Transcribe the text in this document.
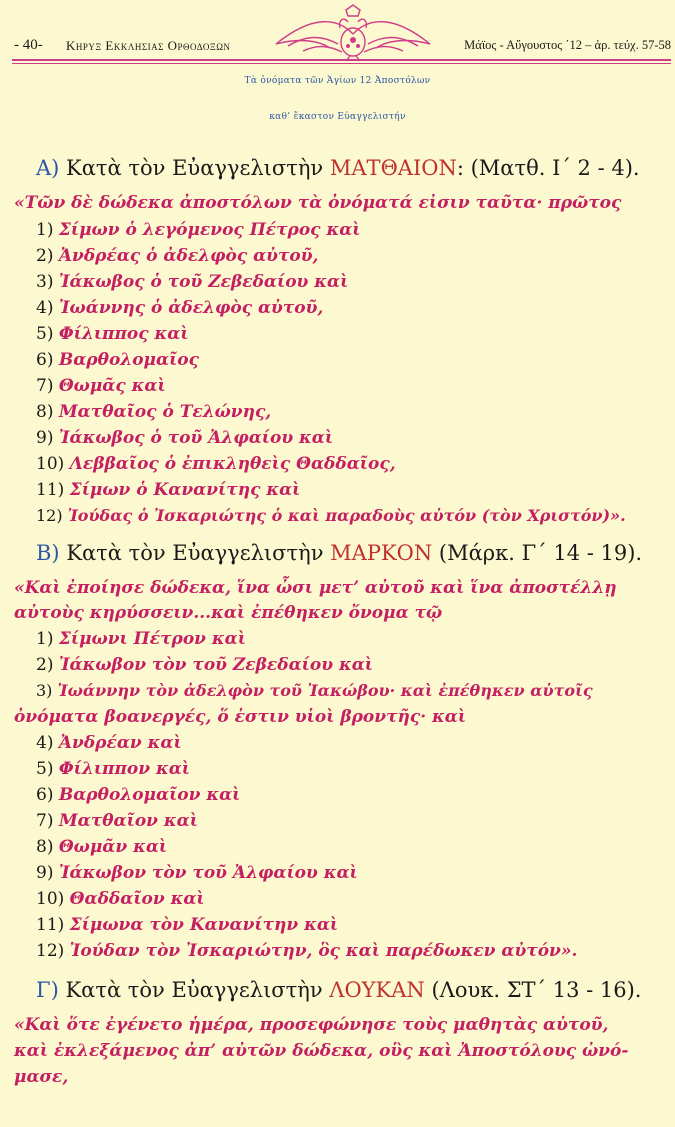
- 40- Κηρυξ Εκκλησιας Ορθοδοξων	Μάϊος - Αὔγουστος ΄12 – ἀρ. τεύχ. 57-58
Τὰ ὀνόματα τῶν Ἁγίων 12 Ἀποστόλων
καθ’ ἕκαστον Εὐαγγελιστήν
Α) Κατὰ τὸν Εὐαγγελιστὴν ΜΑΤΘΑΙΟΝ: (Ματθ. Ι΄ 2 - 4).
«Τῶν δὲ δώδεκα ἀποστόλων τὰ ὀνόματά εἰσιν ταῦτα· πρῶτος
1) Σίμων ὁ λεγόμενος Πέτρος καὶ
2) Ἀνδρέας ὁ ἀδελφὸς αὐτοῦ,
3) Ἰάκωβος ὁ τοῦ Ζεβεδαίου καὶ
4) Ἰωάννης ὁ ἀδελφὸς αὐτοῦ,
5) Φίλιππος καὶ
6) Βαρθολομαῖος
7) Θωμᾶς καὶ
8) Ματθαῖος ὁ Τελώνης,
9) Ἰάκωβος ὁ τοῦ Ἀλφαίου καὶ
10) Λεββαῖος ὁ ἐπικληθεὶς Θαδδαῖος,
11) Σίμων ὁ Κανανίτης καὶ
12) Ἰούδας ὁ Ἰσκαριώτης ὁ καὶ παραδοὺς αὐτόν (τὸν Χριστόν)».
Β) Κατὰ τὸν Εὐαγγελιστὴν ΜΑΡΚΟΝ (Μάρκ. Γ΄ 14 - 19).
«Καὶ ἐποίησε δώδεκα, ἵνα ὦσι μετ’ αὐτοῦ καὶ ἵνα ἀποστέλλῃ
αὐτοὺς κηρύσσειν...καὶ ἐπέθηκεν ὄνομα τῷ
1) Σίμωνι Πέτρον καὶ
2) Ἰάκωβον τὸν τοῦ Ζεβεδαίου καὶ
3) Ἰωάννην τὸν ἀδελφὸν τοῦ Ἰακώβου· καὶ ἐπέθηκεν αὐτοῖς
ὀνόματα βοανεργές, ὅ ἐστιν υἱοὶ βροντῆς· καὶ
4) Ἀνδρέαν καὶ
5) Φίλιππον καὶ
6) Βαρθολομαῖον καὶ
7) Ματθαῖον καὶ
8) Θωμᾶν καὶ
9) Ἰάκωβον τὸν τοῦ Ἀλφαίου καὶ
10) Θαδδαῖον καὶ
11) Σίμωνα τὸν Κανανίτην καὶ
12) Ἰούδαν τὸν Ἰσκαριώτην, ὃς καὶ παρέδωκεν αὐτόν».
Γ) Κατὰ τὸν Εὐαγγελιστὴν ΛΟΥΚΑΝ (Λουκ. ΣΤ΄ 13 - 16).
«Καὶ ὅτε ἐγένετο ἡμέρα, προσεφώνησε τοὺς μαθητὰς αὐτοῦ,
καὶ ἐκλεξάμενος ἀπ’ αὐτῶν δώδεκα, οὓς καὶ Ἀποστόλους ὠνό-
μασε,
